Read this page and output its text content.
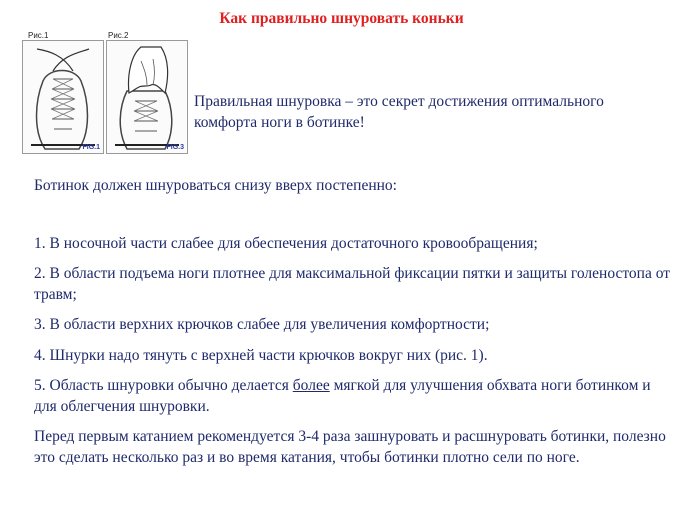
Как правильно шнуровать коньки
Рис.1	Рис.2
FIG.1	FIG.3

Правильная шнуровка – это секрет достижения оптимального комфорта ноги в ботинке!

Ботинок должен шнуроваться снизу вверх постепенно:

1. В носочной части слабее для обеспечения достаточного кровообращения;

2. В области подъема ноги плотнее для максимальной фиксации пятки и защиты голеностопа от травм;

3. В области верхних крючков слабее для увеличения комфортности;

4. Шнурки надо тянуть с верхней части крючков вокруг них (рис. 1).

5. Область шнуровки обычно делается более мягкой для улучшения обхвата ноги ботинком и для облегчения шнуровки.

Перед первым катанием рекомендуется 3-4 раза зашнуровать и расшнуровать ботинки, полезно это сделать несколько раз и во время катания, чтобы ботинки плотно сели по ноге.
